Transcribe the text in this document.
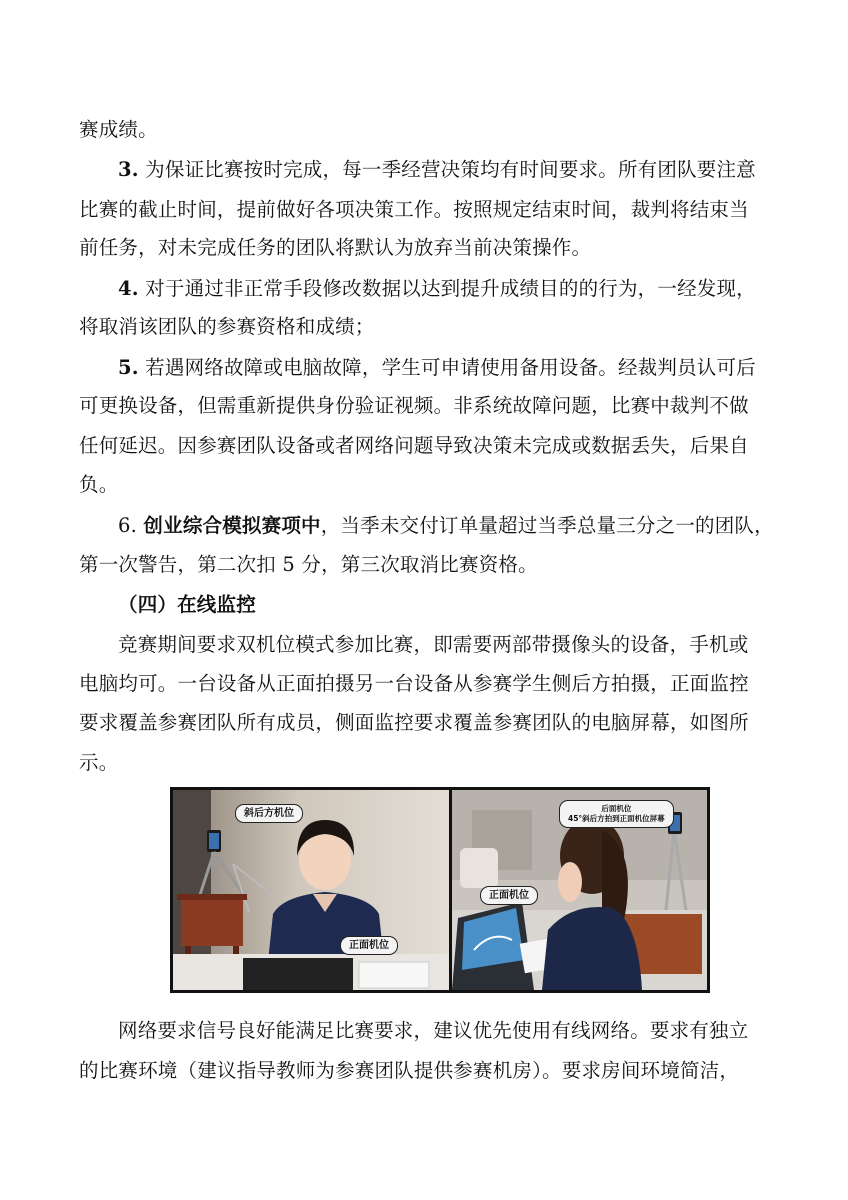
赛成绩。
3. 为保证比赛按时完成，每一季经营决策均有时间要求。所有团队要注意
比赛的截止时间，提前做好各项决策工作。按照规定结束时间，裁判将结束当
前任务，对未完成任务的团队将默认为放弃当前决策操作。
4. 对于通过非正常手段修改数据以达到提升成绩目的的行为，一经发现，
将取消该团队的参赛资格和成绩；
5. 若遇网络故障或电脑故障，学生可申请使用备用设备。经裁判员认可后
可更换设备，但需重新提供身份验证视频。非系统故障问题，比赛中裁判不做
任何延迟。因参赛团队设备或者网络问题导致决策未完成或数据丢失，后果自
负。
6. 创业综合模拟赛项中，当季未交付订单量超过当季总量三分之一的团队，
第一次警告，第二次扣 5 分，第三次取消比赛资格。
（四）在线监控
竞赛期间要求双机位模式参加比赛，即需要两部带摄像头的设备，手机或
电脑均可。一台设备从正面拍摄另一台设备从参赛学生侧后方拍摄，正面监控
要求覆盖参赛团队所有成员，侧面监控要求覆盖参赛团队的电脑屏幕，如图所
示。
斜后方机位
正面机位
后面机位
45°斜后方拍到正面机位屏幕
正面机位
网络要求信号良好能满足比赛要求，建议优先使用有线网络。要求有独立
的比赛环境（建议指导教师为参赛团队提供参赛机房）。要求房间环境简洁，
